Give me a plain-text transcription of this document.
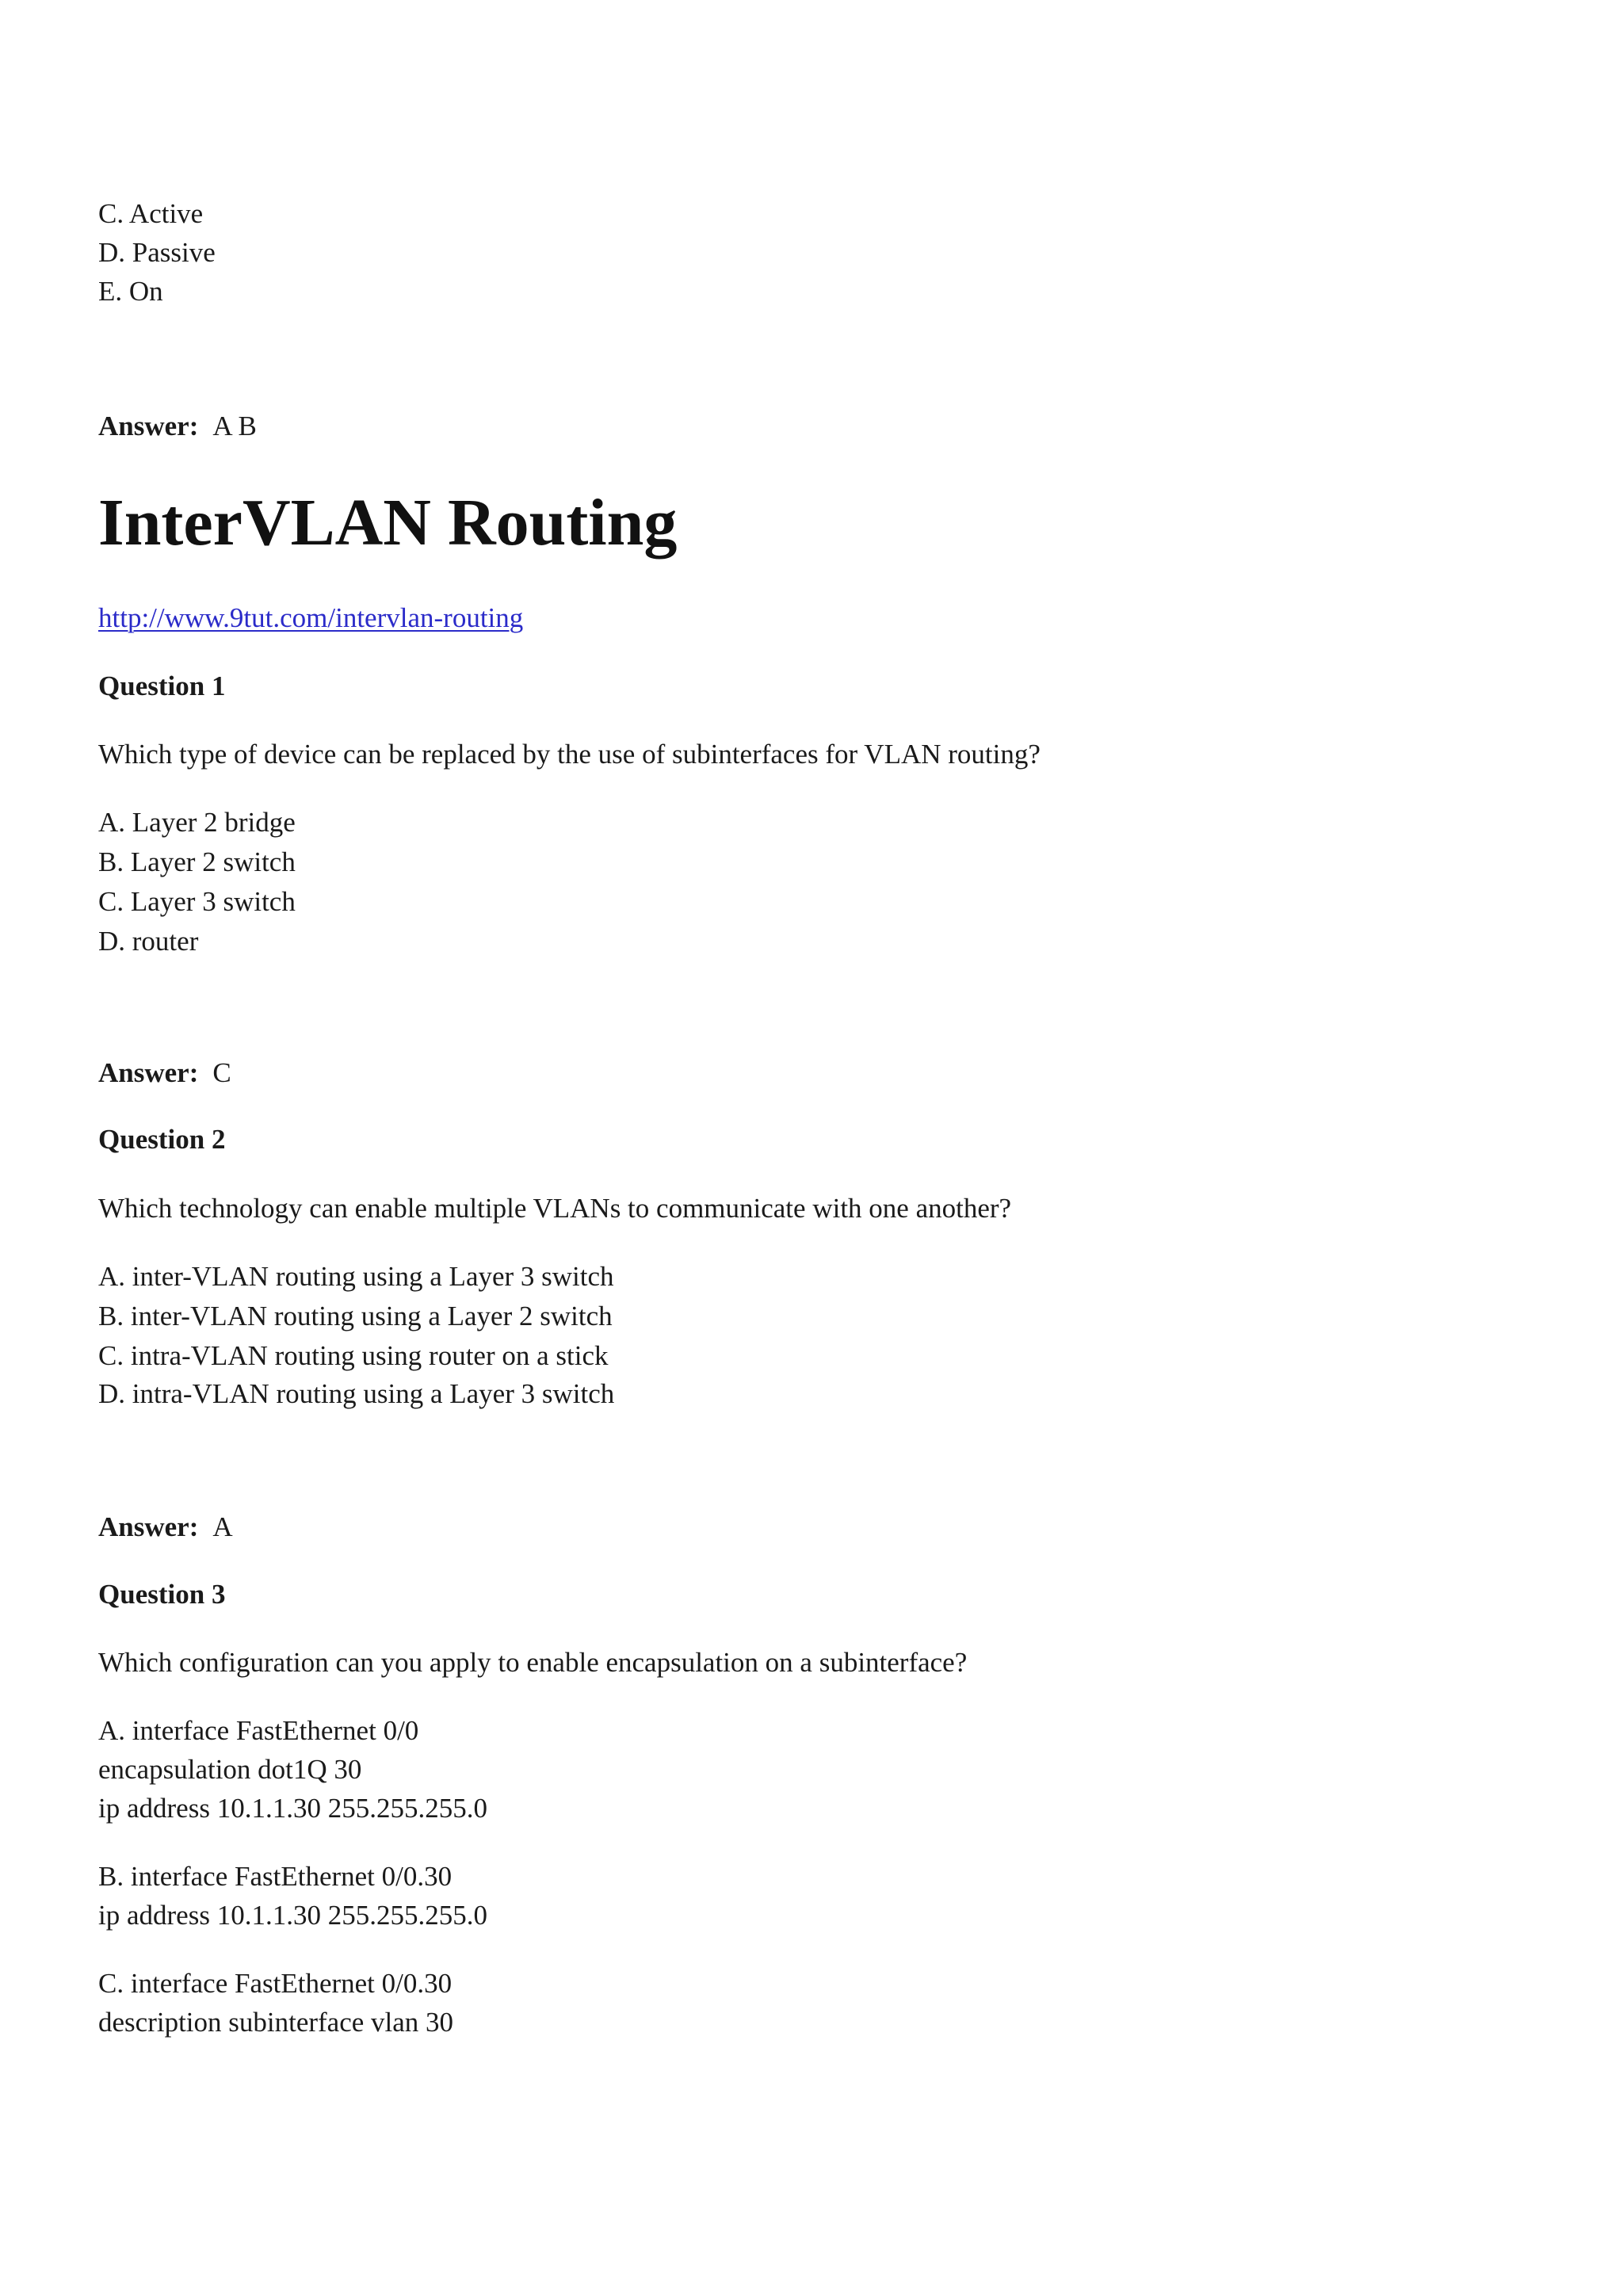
C. Active
D. Passive
E. On
Answer: A B
InterVLAN Routing
http://www.9tut.com/intervlan-routing
Question 1
Which type of device can be replaced by the use of subinterfaces for VLAN routing?
A. Layer 2 bridge
B. Layer 2 switch
C. Layer 3 switch
D. router
Answer: C
Question 2
Which technology can enable multiple VLANs to communicate with one another?
A. inter-VLAN routing using a Layer 3 switch
B. inter-VLAN routing using a Layer 2 switch
C. intra-VLAN routing using router on a stick
D. intra-VLAN routing using a Layer 3 switch
Answer: A
Question 3
Which configuration can you apply to enable encapsulation on a subinterface?
A. interface FastEthernet 0/0
encapsulation dot1Q 30
ip address 10.1.1.30 255.255.255.0
B. interface FastEthernet 0/0.30
ip address 10.1.1.30 255.255.255.0
C. interface FastEthernet 0/0.30
description subinterface vlan 30
